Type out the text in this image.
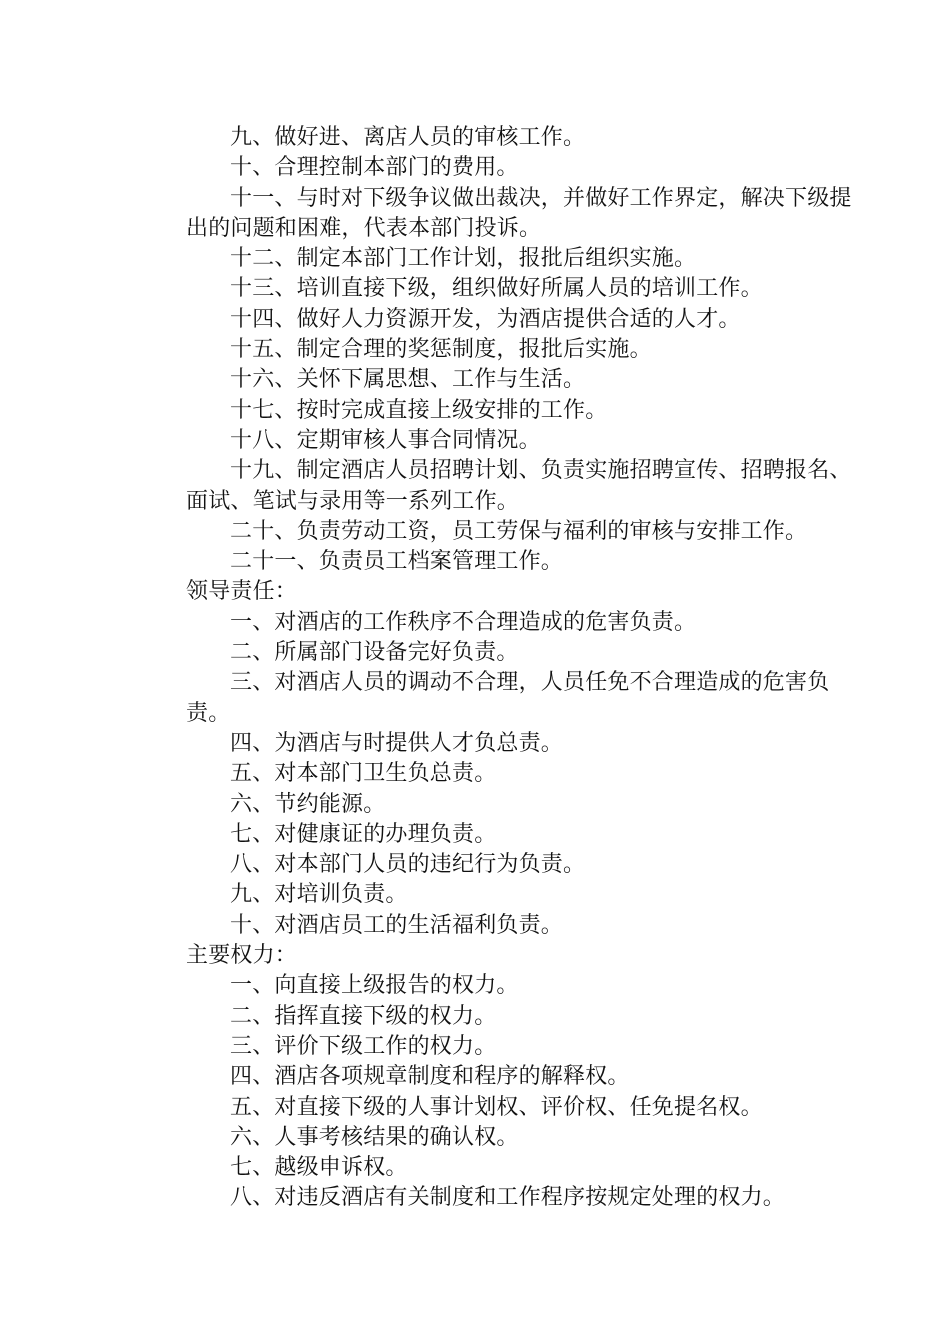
九、做好进、离店人员的审核工作。

十、合理控制本部门的费用。

十一、与时对下级争议做出裁决，并做好工作界定，解决下级提出的问题和困难，代表本部门投诉。

十二、制定本部门工作计划，报批后组织实施。

十三、培训直接下级，组织做好所属人员的培训工作。

十四、做好人力资源开发，为酒店提供合适的人才。

十五、制定合理的奖惩制度，报批后实施。

十六、关怀下属思想、工作与生活。

十七、按时完成直接上级安排的工作。

十八、定期审核人事合同情况。

十九、制定酒店人员招聘计划、负责实施招聘宣传、招聘报名、面试、笔试与录用等一系列工作。

二十、负责劳动工资，员工劳保与福利的审核与安排工作。

二十一、负责员工档案管理工作。

领导责任：

一、对酒店的工作秩序不合理造成的危害负责。

二、所属部门设备完好负责。

三、对酒店人员的调动不合理，人员任免不合理造成的危害负责。

四、为酒店与时提供人才负总责。

五、对本部门卫生负总责。

六、节约能源。

七、对健康证的办理负责。

八、对本部门人员的违纪行为负责。

九、对培训负责。

十、对酒店员工的生活福利负责。

主要权力：

一、向直接上级报告的权力。

二、指挥直接下级的权力。

三、评价下级工作的权力。

四、酒店各项规章制度和程序的解释权。

五、对直接下级的人事计划权、评价权、任免提名权。

六、人事考核结果的确认权。

七、越级申诉权。

八、对违反酒店有关制度和工作程序按规定处理的权力。
